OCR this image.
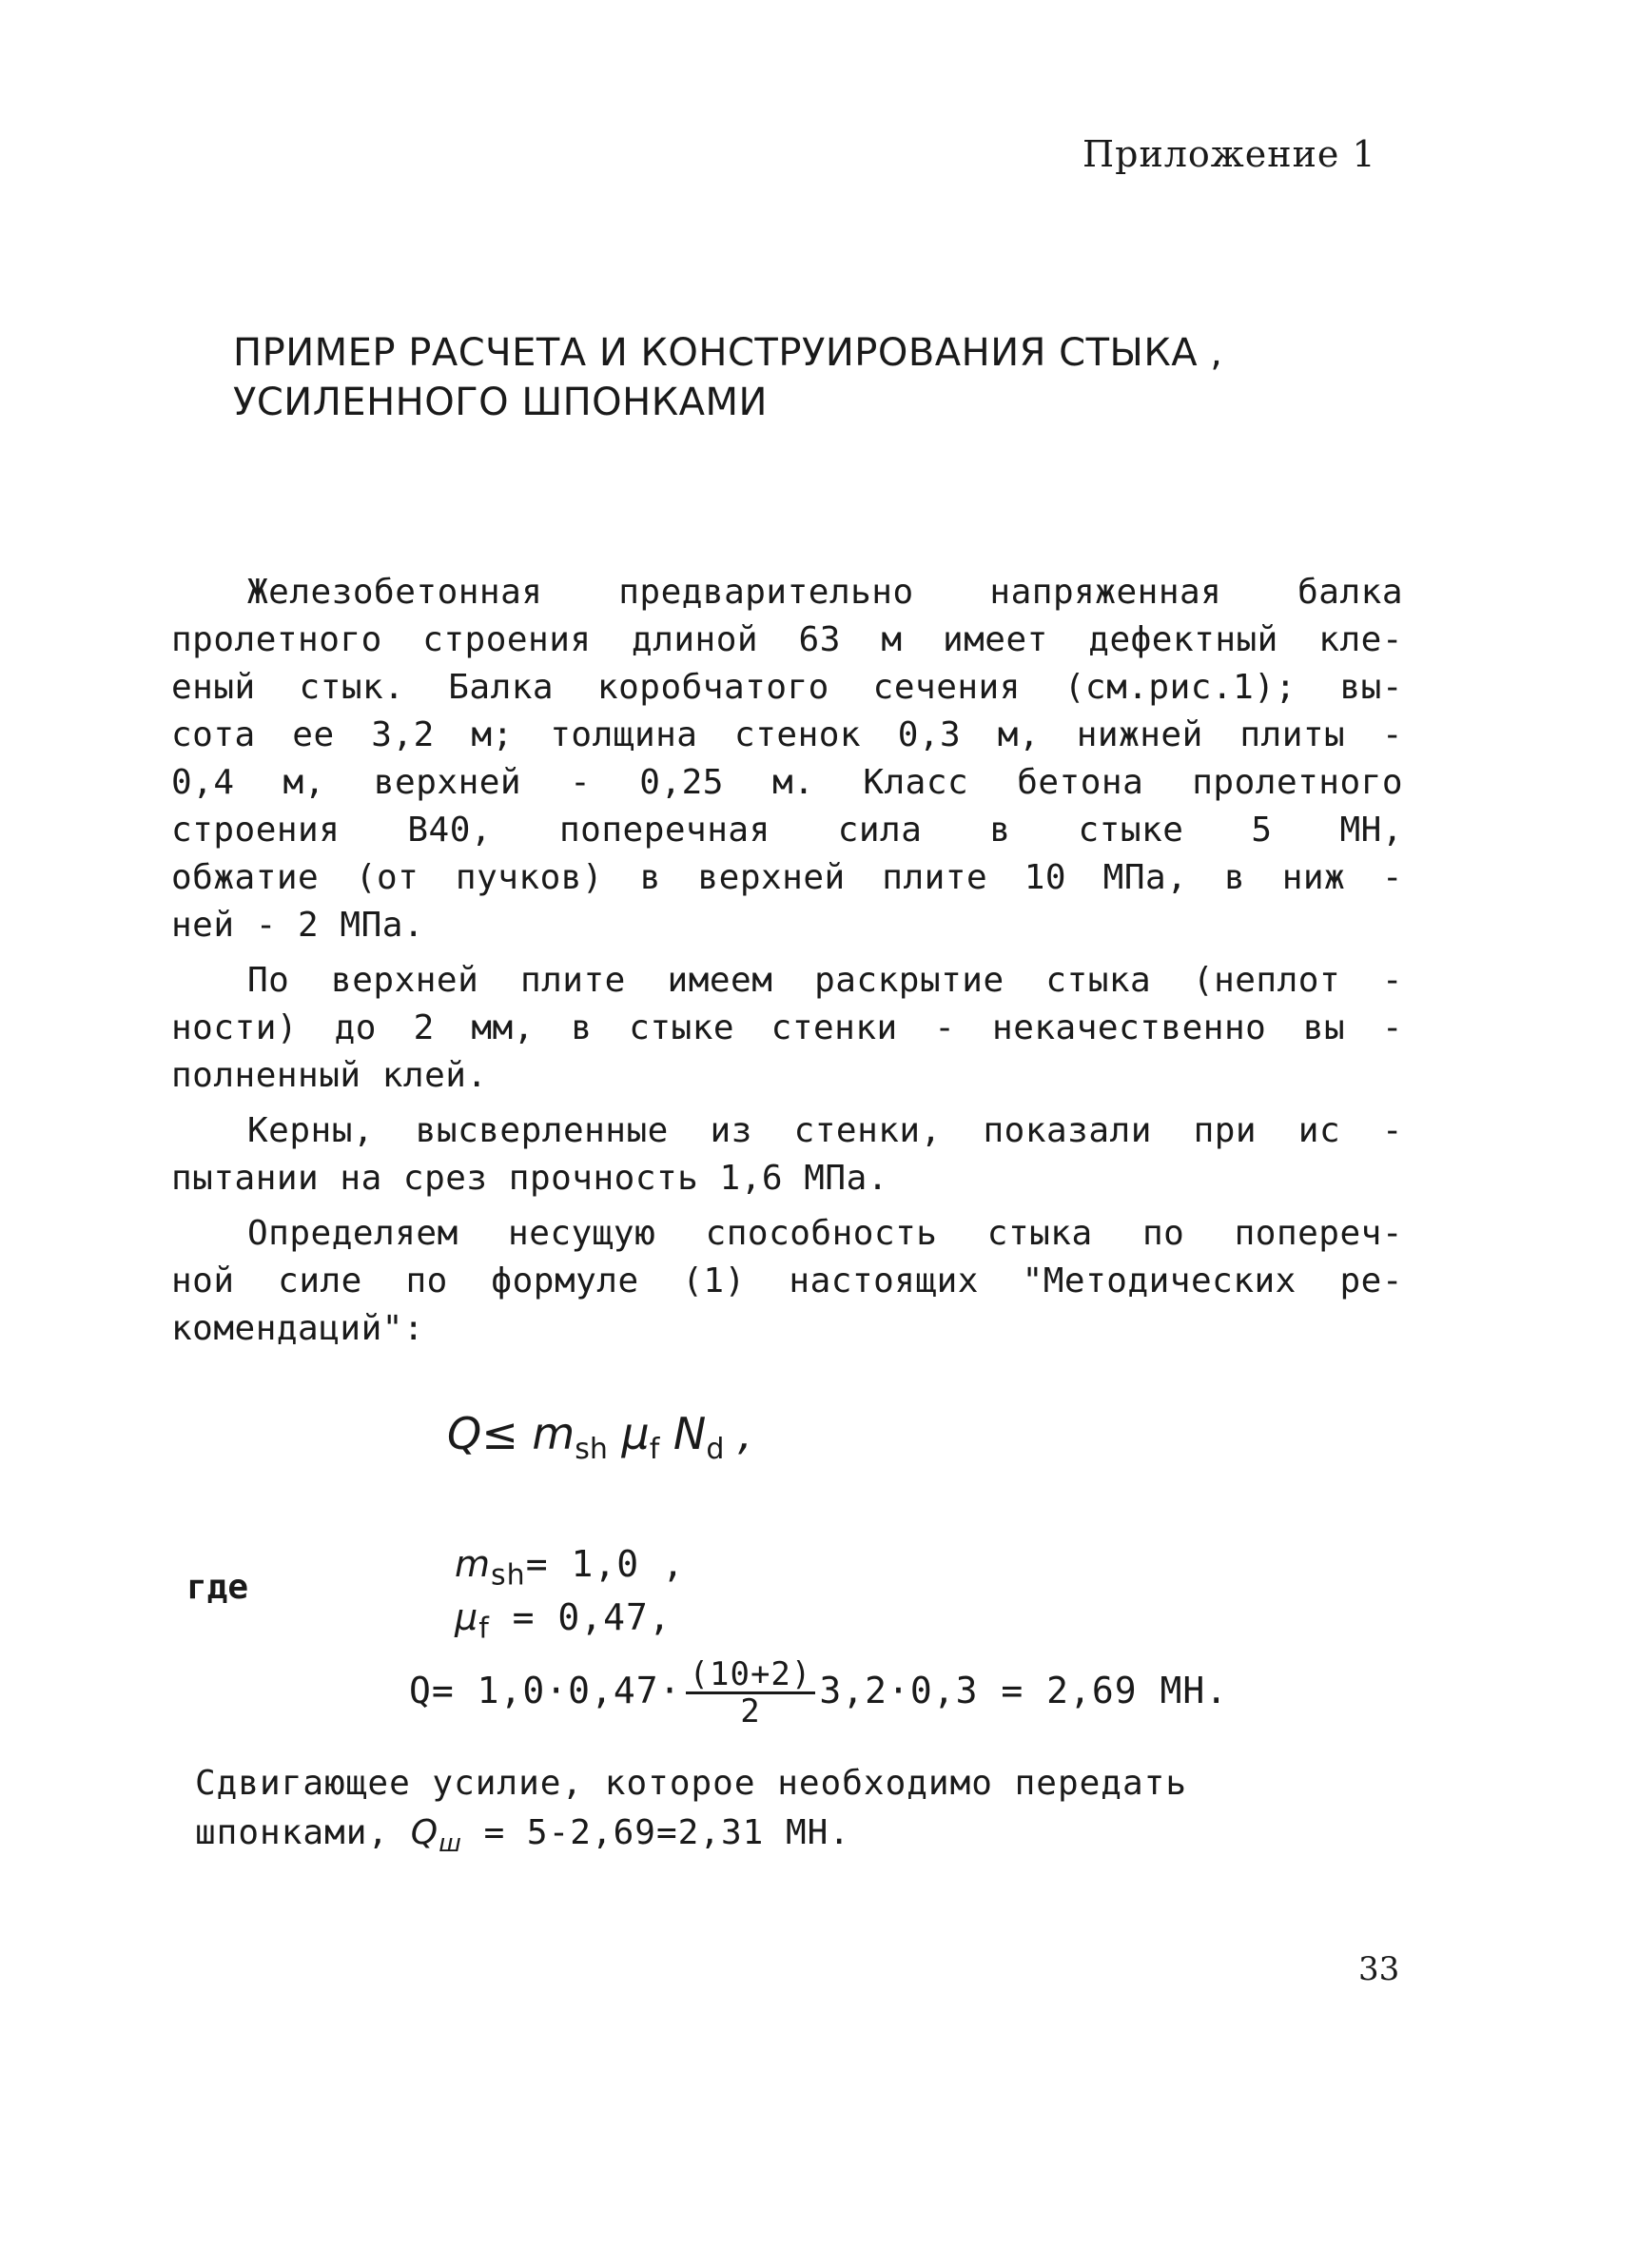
Приложение 1
ПРИМЕР РАСЧЕТА И КОНСТРУИРОВАНИЯ СТЫКА ,
УСИЛЕННОГО ШПОНКАМИ
Железобетонная предварительно напряженная балка
пролетного строения длиной 63 м имеет дефектный кле-
еный стык. Балка коробчатого сечения (см.рис.1); вы-
сота ее 3,2 м; толщина стенок 0,3 м, нижней плиты -
0,4 м, верхней - 0,25 м. Класс бетона пролетного
строения В40, поперечная сила в стыке 5 МН,
обжатие (от пучков) в верхней плите 10 МПа, в ниж -
ней - 2 МПа.
По верхней плите имеем раскрытие стыка (неплот -
ности) до 2 мм, в стыке стенки - некачественно вы -
полненный клей.
Керны, высверленные из стенки, показали при ис -
пытании на срез прочность 1,6 МПа.
Определяем несущую способность стыка по попереч-
ной силе по формуле (1) настоящих "Методических ре-
комендаций":
$Q\le m_{sh}$ $\mu_f$ $N_d$ ,
где
$m_{sh}= 1,0$ ,
$\mu_f = 0,47$,
$Q= 1,0\cdot 0,47\cdot \frac{(10+2)}{2} 3,2\cdot 0,3 = 2,69$ МН.
Сдвигающее усилие, которое необходимо передать
шпонками, $Q_ш = 5-2,69=2,31$ МН.
33
